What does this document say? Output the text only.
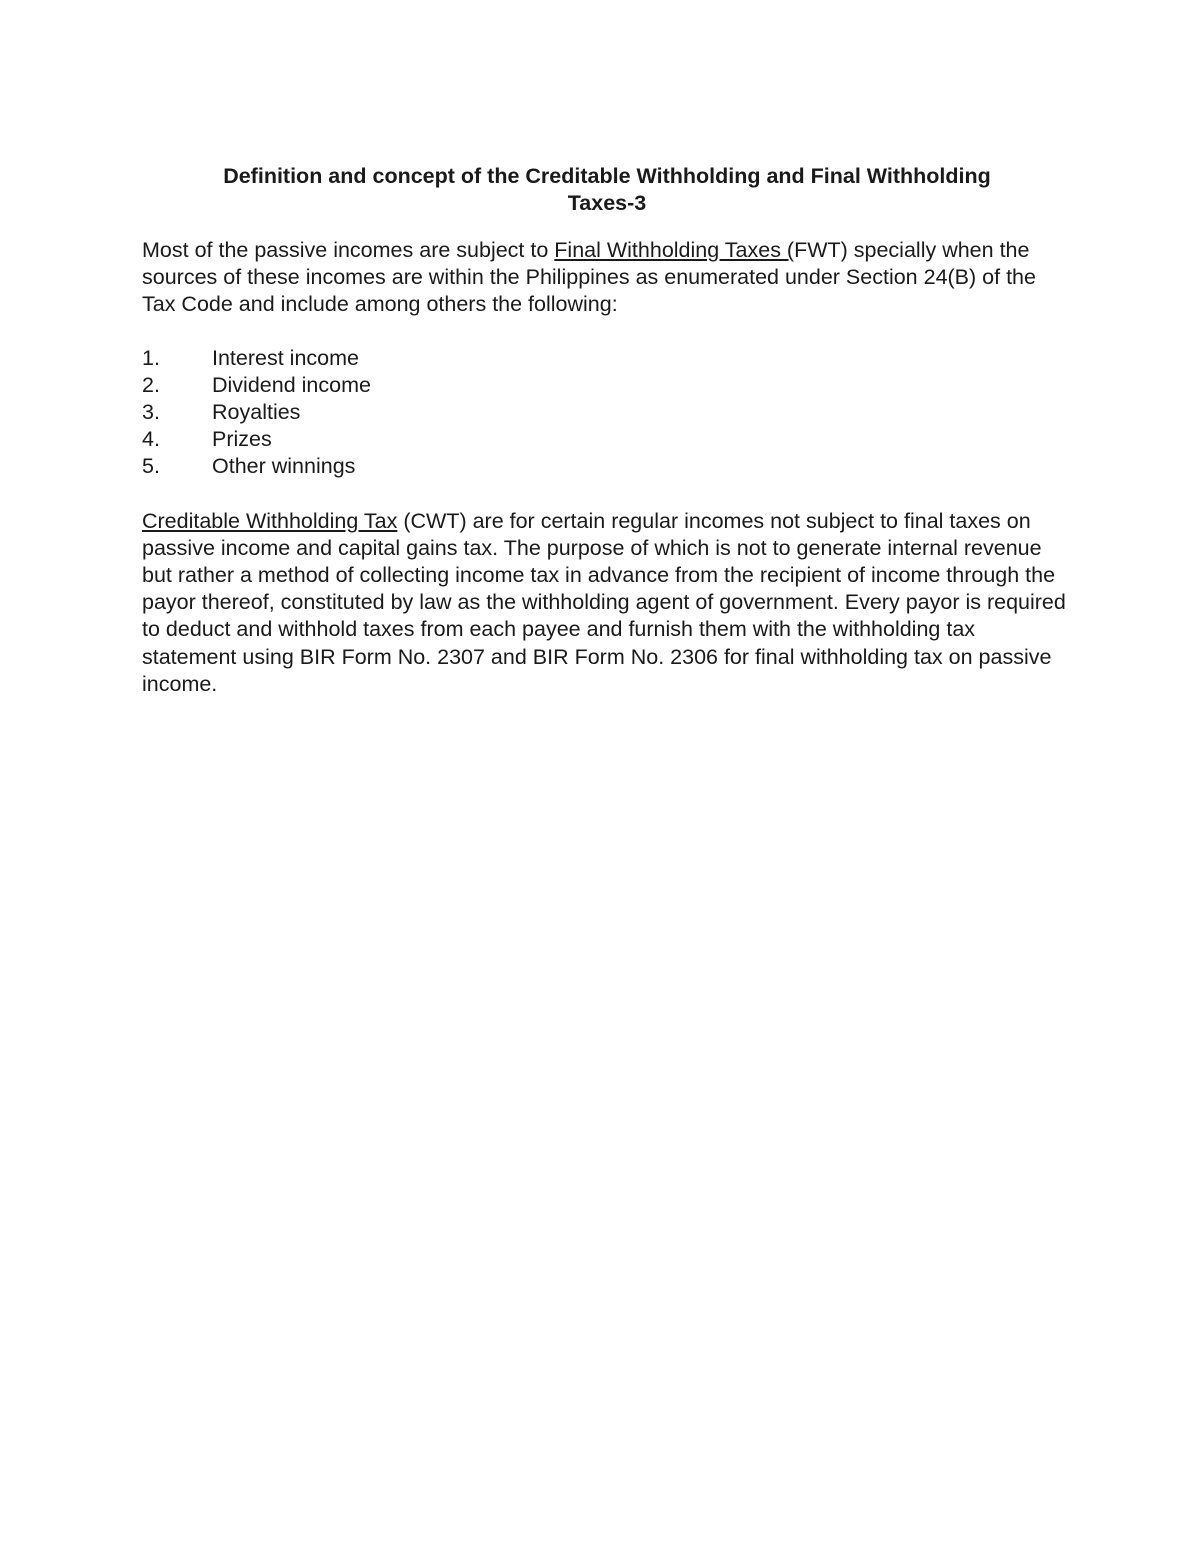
Definition and concept of the Creditable Withholding and Final Withholding
Taxes-3

Most of the passive incomes are subject to Final Withholding Taxes (FWT) specially when the sources of these incomes are within the Philippines as enumerated under Section 24(B) of the Tax Code and include among others the following:

1.	Interest income
2.	Dividend income
3.	Royalties
4.	Prizes
5.	Other winnings

Creditable Withholding Tax (CWT) are for certain regular incomes not subject to final taxes on passive income and capital gains tax. The purpose of which is not to generate internal revenue but rather a method of collecting income tax in advance from the recipient of income through the payor thereof, constituted by law as the withholding agent of government. Every payor is required to deduct and withhold taxes from each payee and furnish them with the withholding tax statement using BIR Form No. 2307 and BIR Form No. 2306 for final withholding tax on passive income.
